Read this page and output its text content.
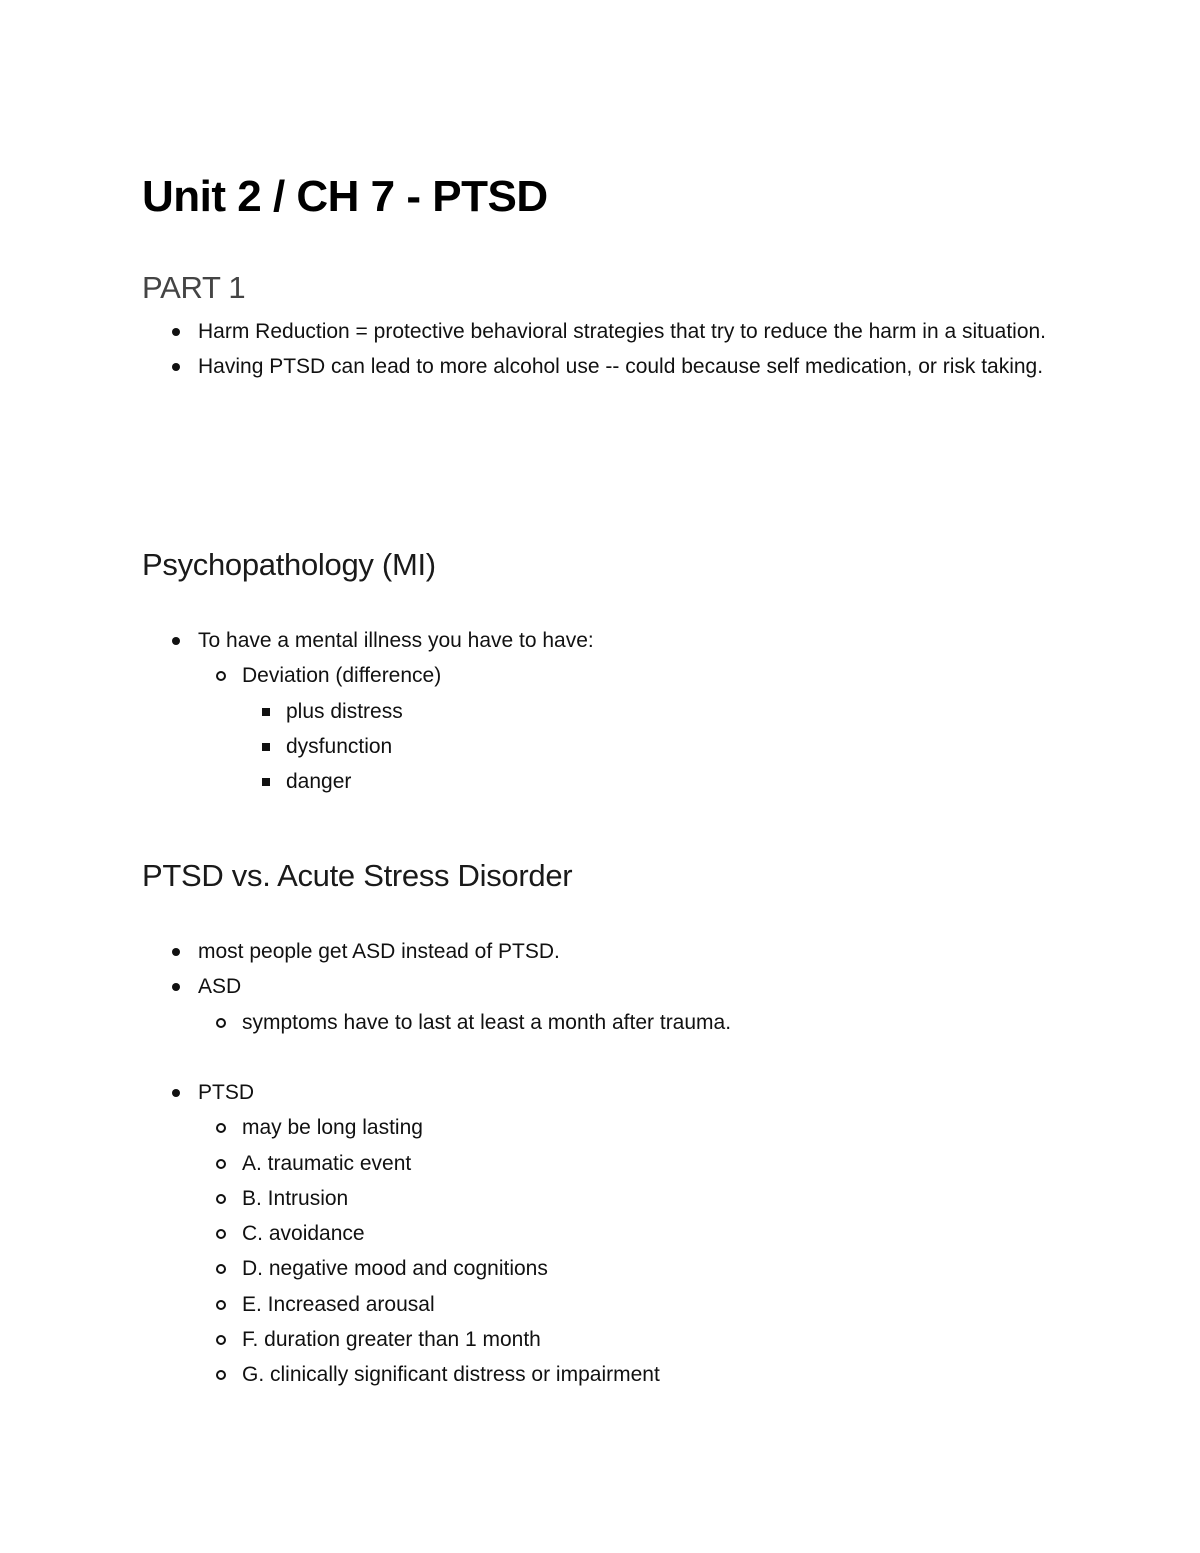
Unit 2 / CH 7 - PTSD
PART 1
Harm Reduction = protective behavioral strategies that try to reduce the harm in a situation.
Having PTSD can lead to more alcohol use -- could because self medication, or risk taking.
Psychopathology (MI)
To have a mental illness you have to have:
Deviation (difference)
plus distress
dysfunction
danger
PTSD vs. Acute Stress Disorder
most people get ASD instead of PTSD.
ASD
symptoms have to last at least a month after trauma.
PTSD
may be long lasting
A. traumatic event
B. Intrusion
C. avoidance
D. negative mood and cognitions
E. Increased arousal
F. duration greater than 1 month
G. clinically significant distress or impairment
